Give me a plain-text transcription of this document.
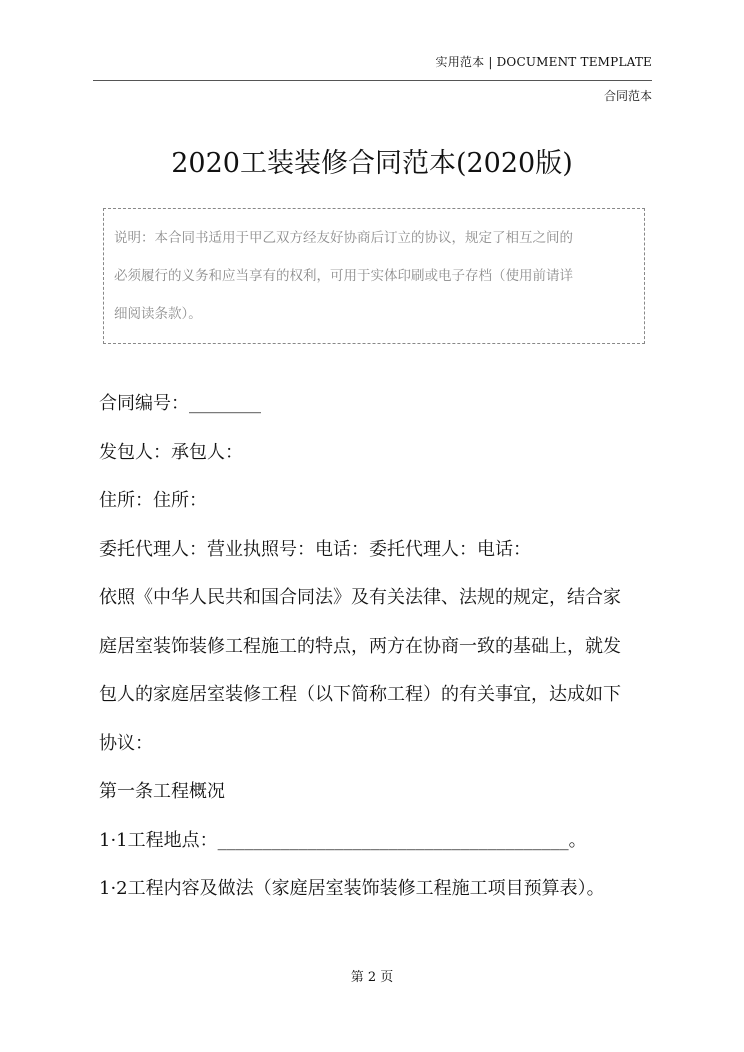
实用范本 | DOCUMENT TEMPLATE
合同范本
2020工装装修合同范本(2020版)
说明：本合同书适用于甲乙双方经友好协商后订立的协议，规定了相互之间的
必须履行的义务和应当享有的权利，可用于实体印刷或电子存档（使用前请详
细阅读条款）。
合同编号：________
发包人：承包人：
住所：住所：
委托代理人：营业执照号：电话：委托代理人：电话：
依照《中华人民共和国合同法》及有关法律、法规的规定，结合家
庭居室装饰装修工程施工的特点，两方在协商一致的基础上，就发
包人的家庭居室装修工程（以下简称工程）的有关事宜，达成如下
协议：
第一条工程概况
1·1工程地点：_______________________________________。
1·2工程内容及做法（家庭居室装饰装修工程施工项目预算表）。
第 2 页
